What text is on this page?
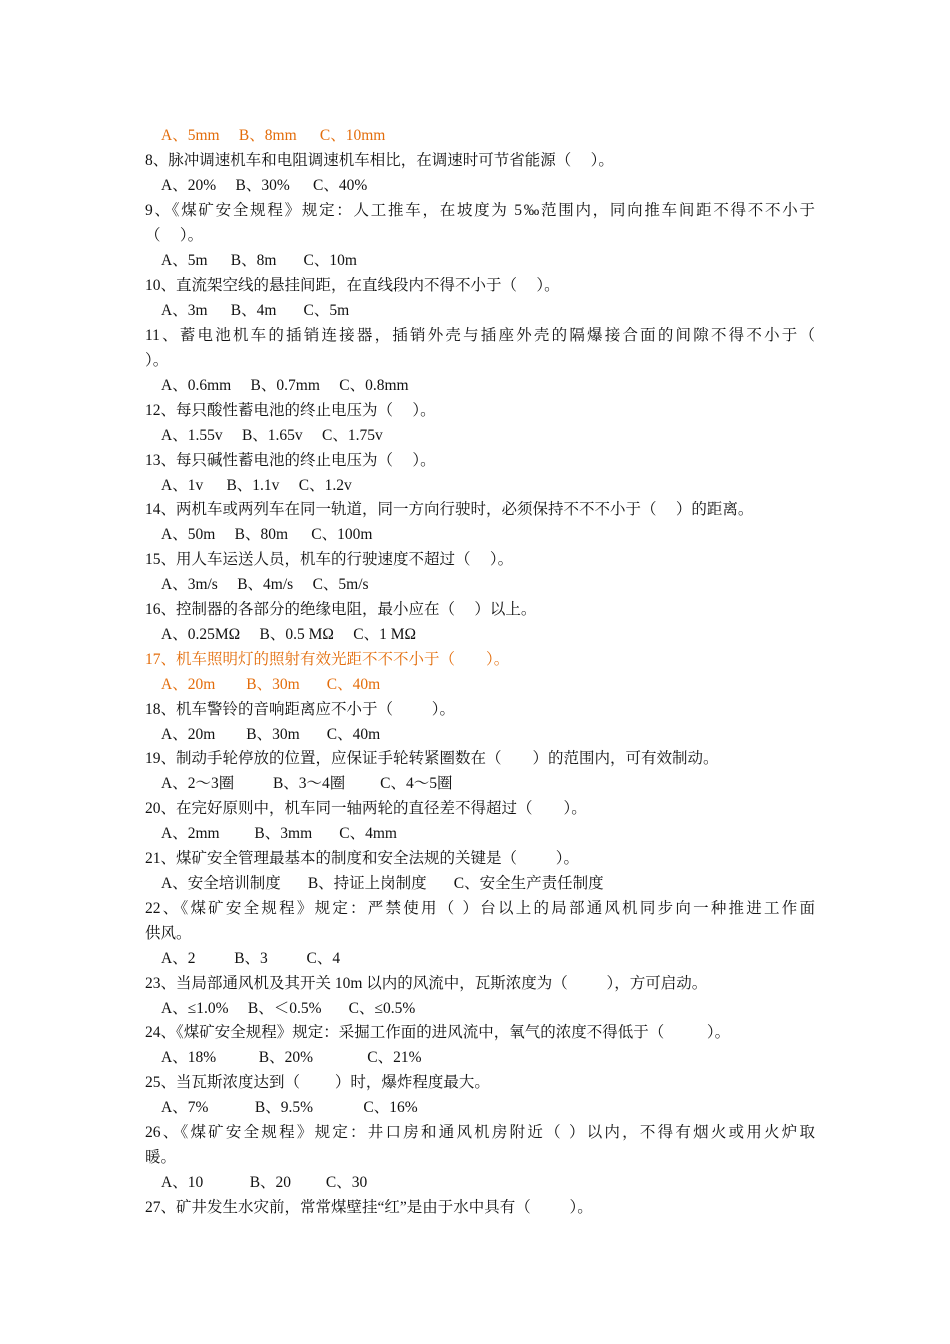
A、5mm     B、8mm      C、10mm
8、脉冲调速机车和电阻调速机车相比，在调速时可节省能源（     ）。
A、20%     B、30%      C、40%
9、《煤矿安全规程》规定：人工推车，在坡度为 5‰范围内，同向推车间距不得不不小于
（     ）。
A、5m      B、8m       C、10m
10、直流架空线的悬挂间距，在直线段内不得不小于（     ）。
A、3m      B、4m       C、5m
11、蓄电池机车的插销连接器，插销外壳与插座外壳的隔爆接合面的间隙不得不小于（
）。
A、0.6mm     B、0.7mm     C、0.8mm
12、每只酸性蓄电池的终止电压为（     ）。
A、1.55v     B、1.65v     C、1.75v
13、每只碱性蓄电池的终止电压为（     ）。
A、1v      B、1.1v     C、1.2v
14、两机车或两列车在同一轨道，同一方向行驶时，必须保持不不不小于（     ）的距离。
A、50m     B、80m      C、100m
15、用人车运送人员，机车的行驶速度不超过（     ）。
A、3m/s     B、4m/s     C、5m/s
16、控制器的各部分的绝缘电阻，最小应在（     ）以上。
A、0.25MΩ     B、0.5 MΩ     C、1 MΩ
17、机车照明灯的照射有效光距不不不小于（        ）。
A、20m        B、30m       C、40m
18、机车警铃的音响距离应不小于（          ）。
A、20m        B、30m       C、40m
19、制动手轮停放的位置，应保证手轮转紧圈数在（        ）的范围内，可有效制动。
A、2～3圈          B、3～4圈         C、4～5圈
20、在完好原则中，机车同一轴两轮的直径差不得超过（        ）。
A、2mm         B、3mm       C、4mm
21、煤矿安全管理最基本的制度和安全法规的关键是（          ）。
A、安全培训制度       B、持证上岗制度       C、安全生产责任制度
22、《煤矿安全规程》规定：严禁使用（ ）台以上的局部通风机同步向一种推进工作面
供风。
A、2          B、3          C、4
23、当局部通风机及其开关 10m 以内的风流中，瓦斯浓度为（          ），方可启动。
A、≤1.0%     B、＜0.5%       C、≤0.5%
24、《煤矿安全规程》规定：采掘工作面的进风流中，氧气的浓度不得低于（           ）。
A、18%           B、20%              C、21%
25、当瓦斯浓度达到（         ）时，爆炸程度最大。
A、7%            B、9.5%             C、16%
26、《煤矿安全规程》规定：井口房和通风机房附近（ ）以内，不得有烟火或用火炉取
暖。
A、10            B、20         C、30
27、矿井发生水灾前，常常煤壁挂“红”是由于水中具有（          ）。
